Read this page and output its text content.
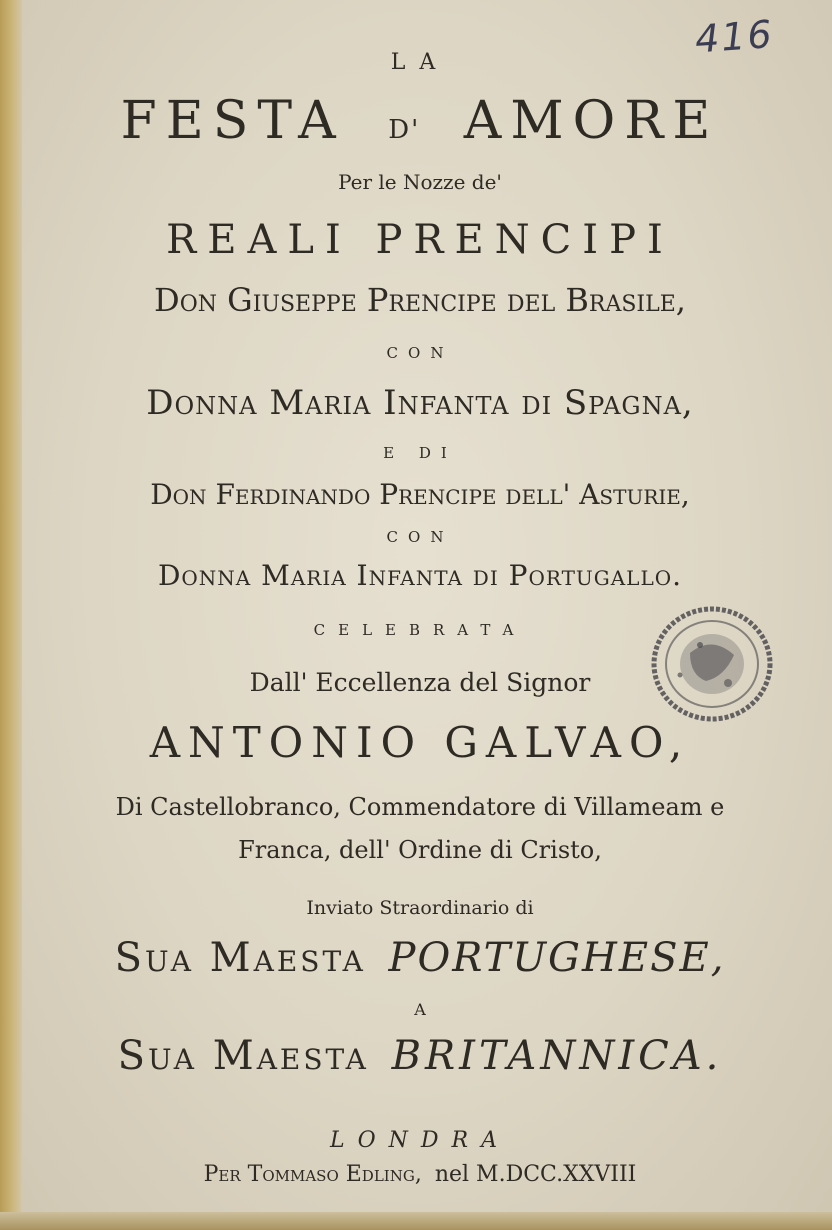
416
LA
FESTA D' AMORE
Per le Nozze de'
REALI PRENCIPI
Don Giuseppe Prencipe del Brasile,
CON
Donna Maria Infanta di Spagna,
E DI
Don Ferdinando Prencipe dell' Asturie,
CON
Donna Maria Infanta di Portugallo.
CELEBRATA
Dall' Eccellenza del Signor
ANTONIO GALVAO,
Di Castellobranco, Commendatore di Villameam e
Franca, dell' Ordine di Cristo,
Inviato Straordinario di
Sua Maesta PORTUGHESE,
A
Sua Maesta BRITANNICA.
LONDRA
Per Tommaso Edling, nel M.DCC.XXVIII
